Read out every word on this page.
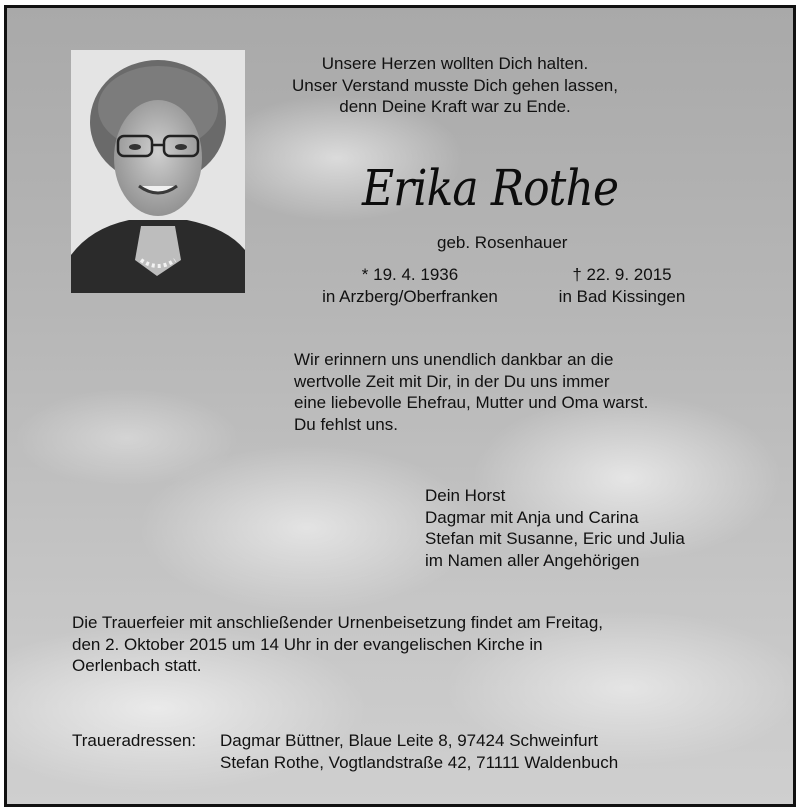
Unsere Herzen wollten Dich halten.
Unser Verstand musste Dich gehen lassen,
denn Deine Kraft war zu Ende.
Erika Rothe
geb. Rosenhauer
* 19. 4. 1936
in Arzberg/Oberfranken
† 22. 9. 2015
in Bad Kissingen
Wir erinnern uns unendlich dankbar an die
wertvolle Zeit mit Dir, in der Du uns immer
eine liebevolle Ehefrau, Mutter und Oma warst.
Du fehlst uns.
Dein Horst
Dagmar mit Anja und Carina
Stefan mit Susanne, Eric und Julia
im Namen aller Angehörigen
Die Trauerfeier mit anschließender Urnenbeisetzung findet am Freitag,
den 2. Oktober 2015 um 14 Uhr in der evangelischen Kirche in
Oerlenbach statt.
Traueradressen: Dagmar Büttner, Blaue Leite 8, 97424 Schweinfurt
Stefan Rothe, Vogtlandstraße 42, 71111 Waldenbuch
